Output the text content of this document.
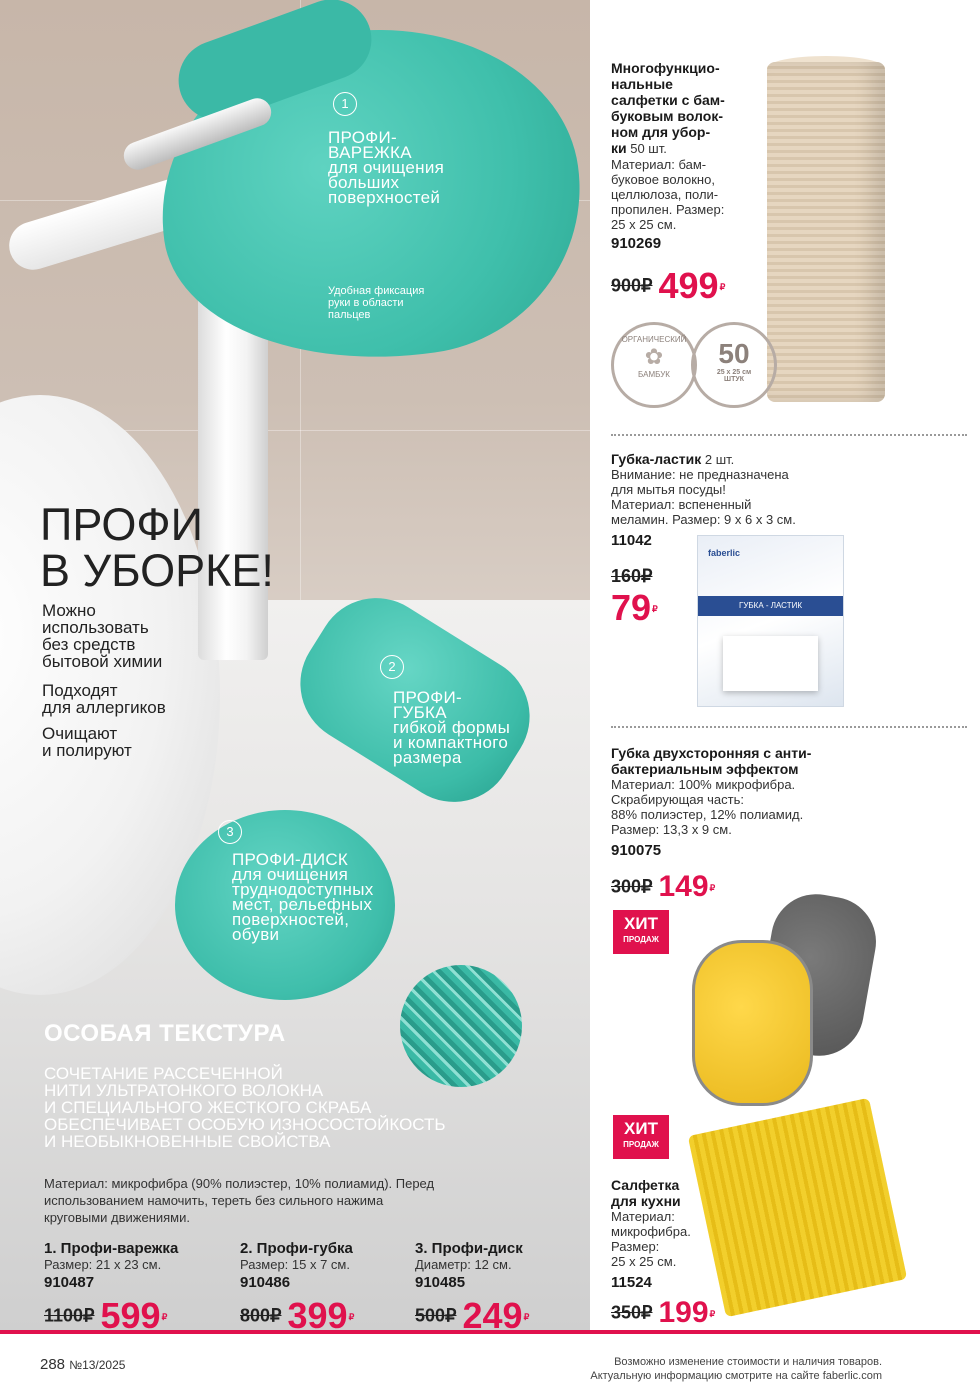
1
ПРОФИ-
ВАРЕЖКА
для очищения
больших
поверхностей
Удобная фиксация
руки в области
пальцев
2
ПРОФИ-
ГУБКА
гибкой формы
и компактного
размера
3
ПРОФИ-ДИСК
для очищения
труднодоступных
мест, рельефных
поверхностей,
обуви
ПРОФИ
В УБОРКЕ!
Можно
использовать
без средств
бытовой химии
Подходят
для аллергиков
Очищают
и полируют
ОСОБАЯ ТЕКСТУРА
СОЧЕТАНИЕ РАССЕЧЕННОЙ
НИТИ УЛЬТРАТОНКОГО ВОЛОКНА
И СПЕЦИАЛЬНОГО ЖЕСТКОГО СКРАБА
ОБЕСПЕЧИВАЕТ ОСОБУЮ ИЗНОСОСТОЙКОСТЬ
И НЕОБЫКНОВЕННЫЕ СВОЙСТВА
Материал: микрофибра (90% полиэстер, 10% полиамид). Перед
использованием намочить, тереть без сильного нажима
круговыми движениями.
1. Профи-варежка
Размер: 21 х 23 см.
910487
2. Профи-губка
Размер: 15 х 7 см.
910486
3. Профи-диск
Диаметр: 12 см.
910485
1100₽ 599₽	800₽ 399₽	500₽ 249₽
Многофункцио-
нальные
салфетки с бам-
буковым волок-
ном для убор-
ки 50 шт.
Материал: бам-
буковое волокно,
целлюлоза, поли-
пропилен. Размер:
25 х 25 см.
910269
900₽ 499₽
ОРГАНИЧЕСКИЙ
✿
БАМБУК
50
25 х 25 см
ШТУК
Губка-ластик 2 шт.
Внимание: не предназначена
для мытья посуды!
Материал: вспененный
меламин. Размер: 9 х 6 х 3 см.
11042
faberlic
ГУБКА - ЛАСТИК
160₽
79₽
Губка двухсторонняя с анти-
бактериальным эффектом
Материал: 100% микрофибра.
Скрабирующая часть:
88% полиэстер, 12% полиамид.
Размер: 13,3 х 9 см.
910075
300₽ 149₽
ХИТ
ПРОДАЖ
ХИТ
ПРОДАЖ
Салфетка
для кухни
Материал:
микрофибра.
Размер:
25 х 25 см.
11524
350₽ 199₽
288 №13/2025	Возможно изменение стоимости и наличия товаров.
Актуальную информацию смотрите на сайте faberlic.com
